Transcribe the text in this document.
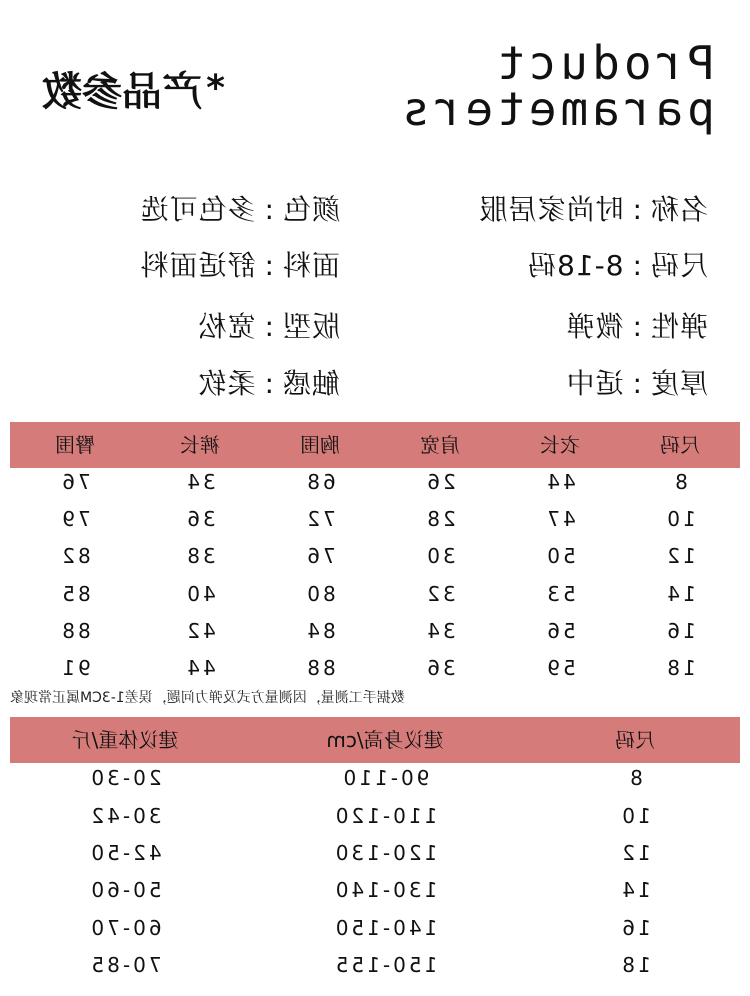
Product
parameters
*
产品参数
名称:时尚家居服
尺码:8-18码
弹性:微弹
厚度:适中
颜色:多色可选
面料:舒适面料
版型:宽松
触感:柔软
尺码
衣长
肩宽
胸围
裤长
臀围
8
44
26
68
34
76
10
47
28
72
36
79
12
50
30
76
38
82
14
53
32
80
40
85
16
56
34
84
42
88
18
59
36
88
44
91
数据手工测量，因测量方式及弹力问题，误差1-3CM属正常现象
尺码
建议身高/cm
建议体重/斤
8
90-110
20-30
10
110-120
30-42
12
120-130
42-50
14
130-140
50-60
16
140-150
60-70
18
150-155
70-85
